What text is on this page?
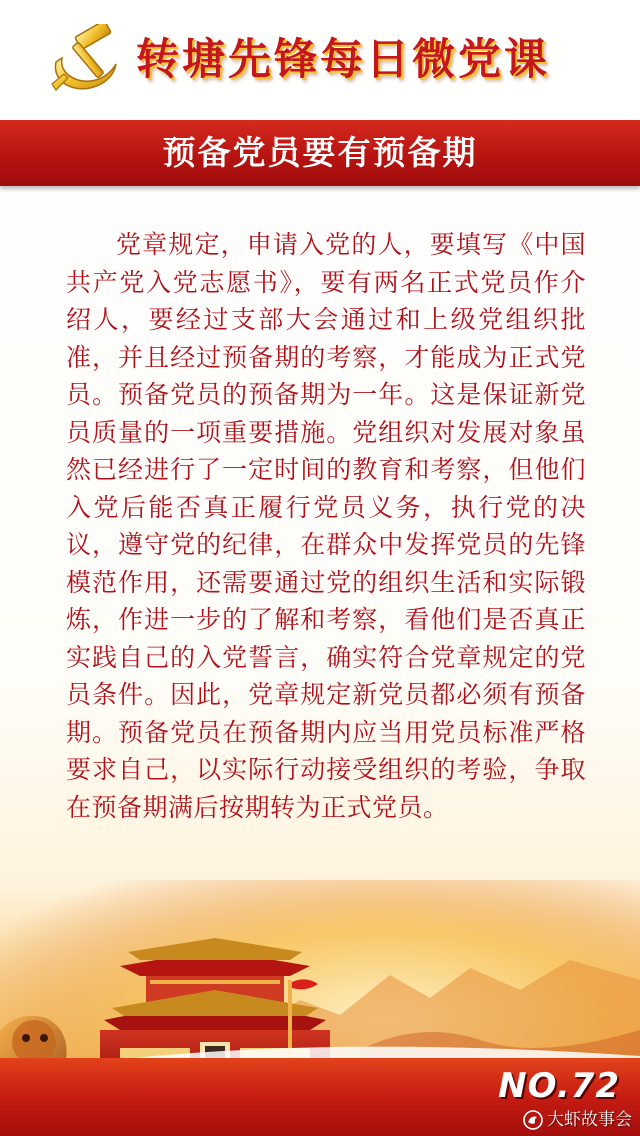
转塘先锋每日微党课
预备党员要有预备期
党章规定，申请入党的人，要填写《中国共产党入党志愿书》，要有两名正式党员作介绍人，要经过支部大会通过和上级党组织批准，并且经过预备期的考察，才能成为正式党员。预备党员的预备期为一年。这是保证新党员质量的一项重要措施。党组织对发展对象虽然已经进行了一定时间的教育和考察，但他们入党后能否真正履行党员义务，执行党的决议，遵守党的纪律，在群众中发挥党员的先锋模范作用，还需要通过党的组织生活和实际锻炼，作进一步的了解和考察，看他们是否真正实践自己的入党誓言，确实符合党章规定的党员条件。因此，党章规定新党员都必须有预备期。预备党员在预备期内应当用党员标准严格要求自己，以实际行动接受组织的考验，争取在预备期满后按期转为正式党员。
NO.72
大虾故事会
